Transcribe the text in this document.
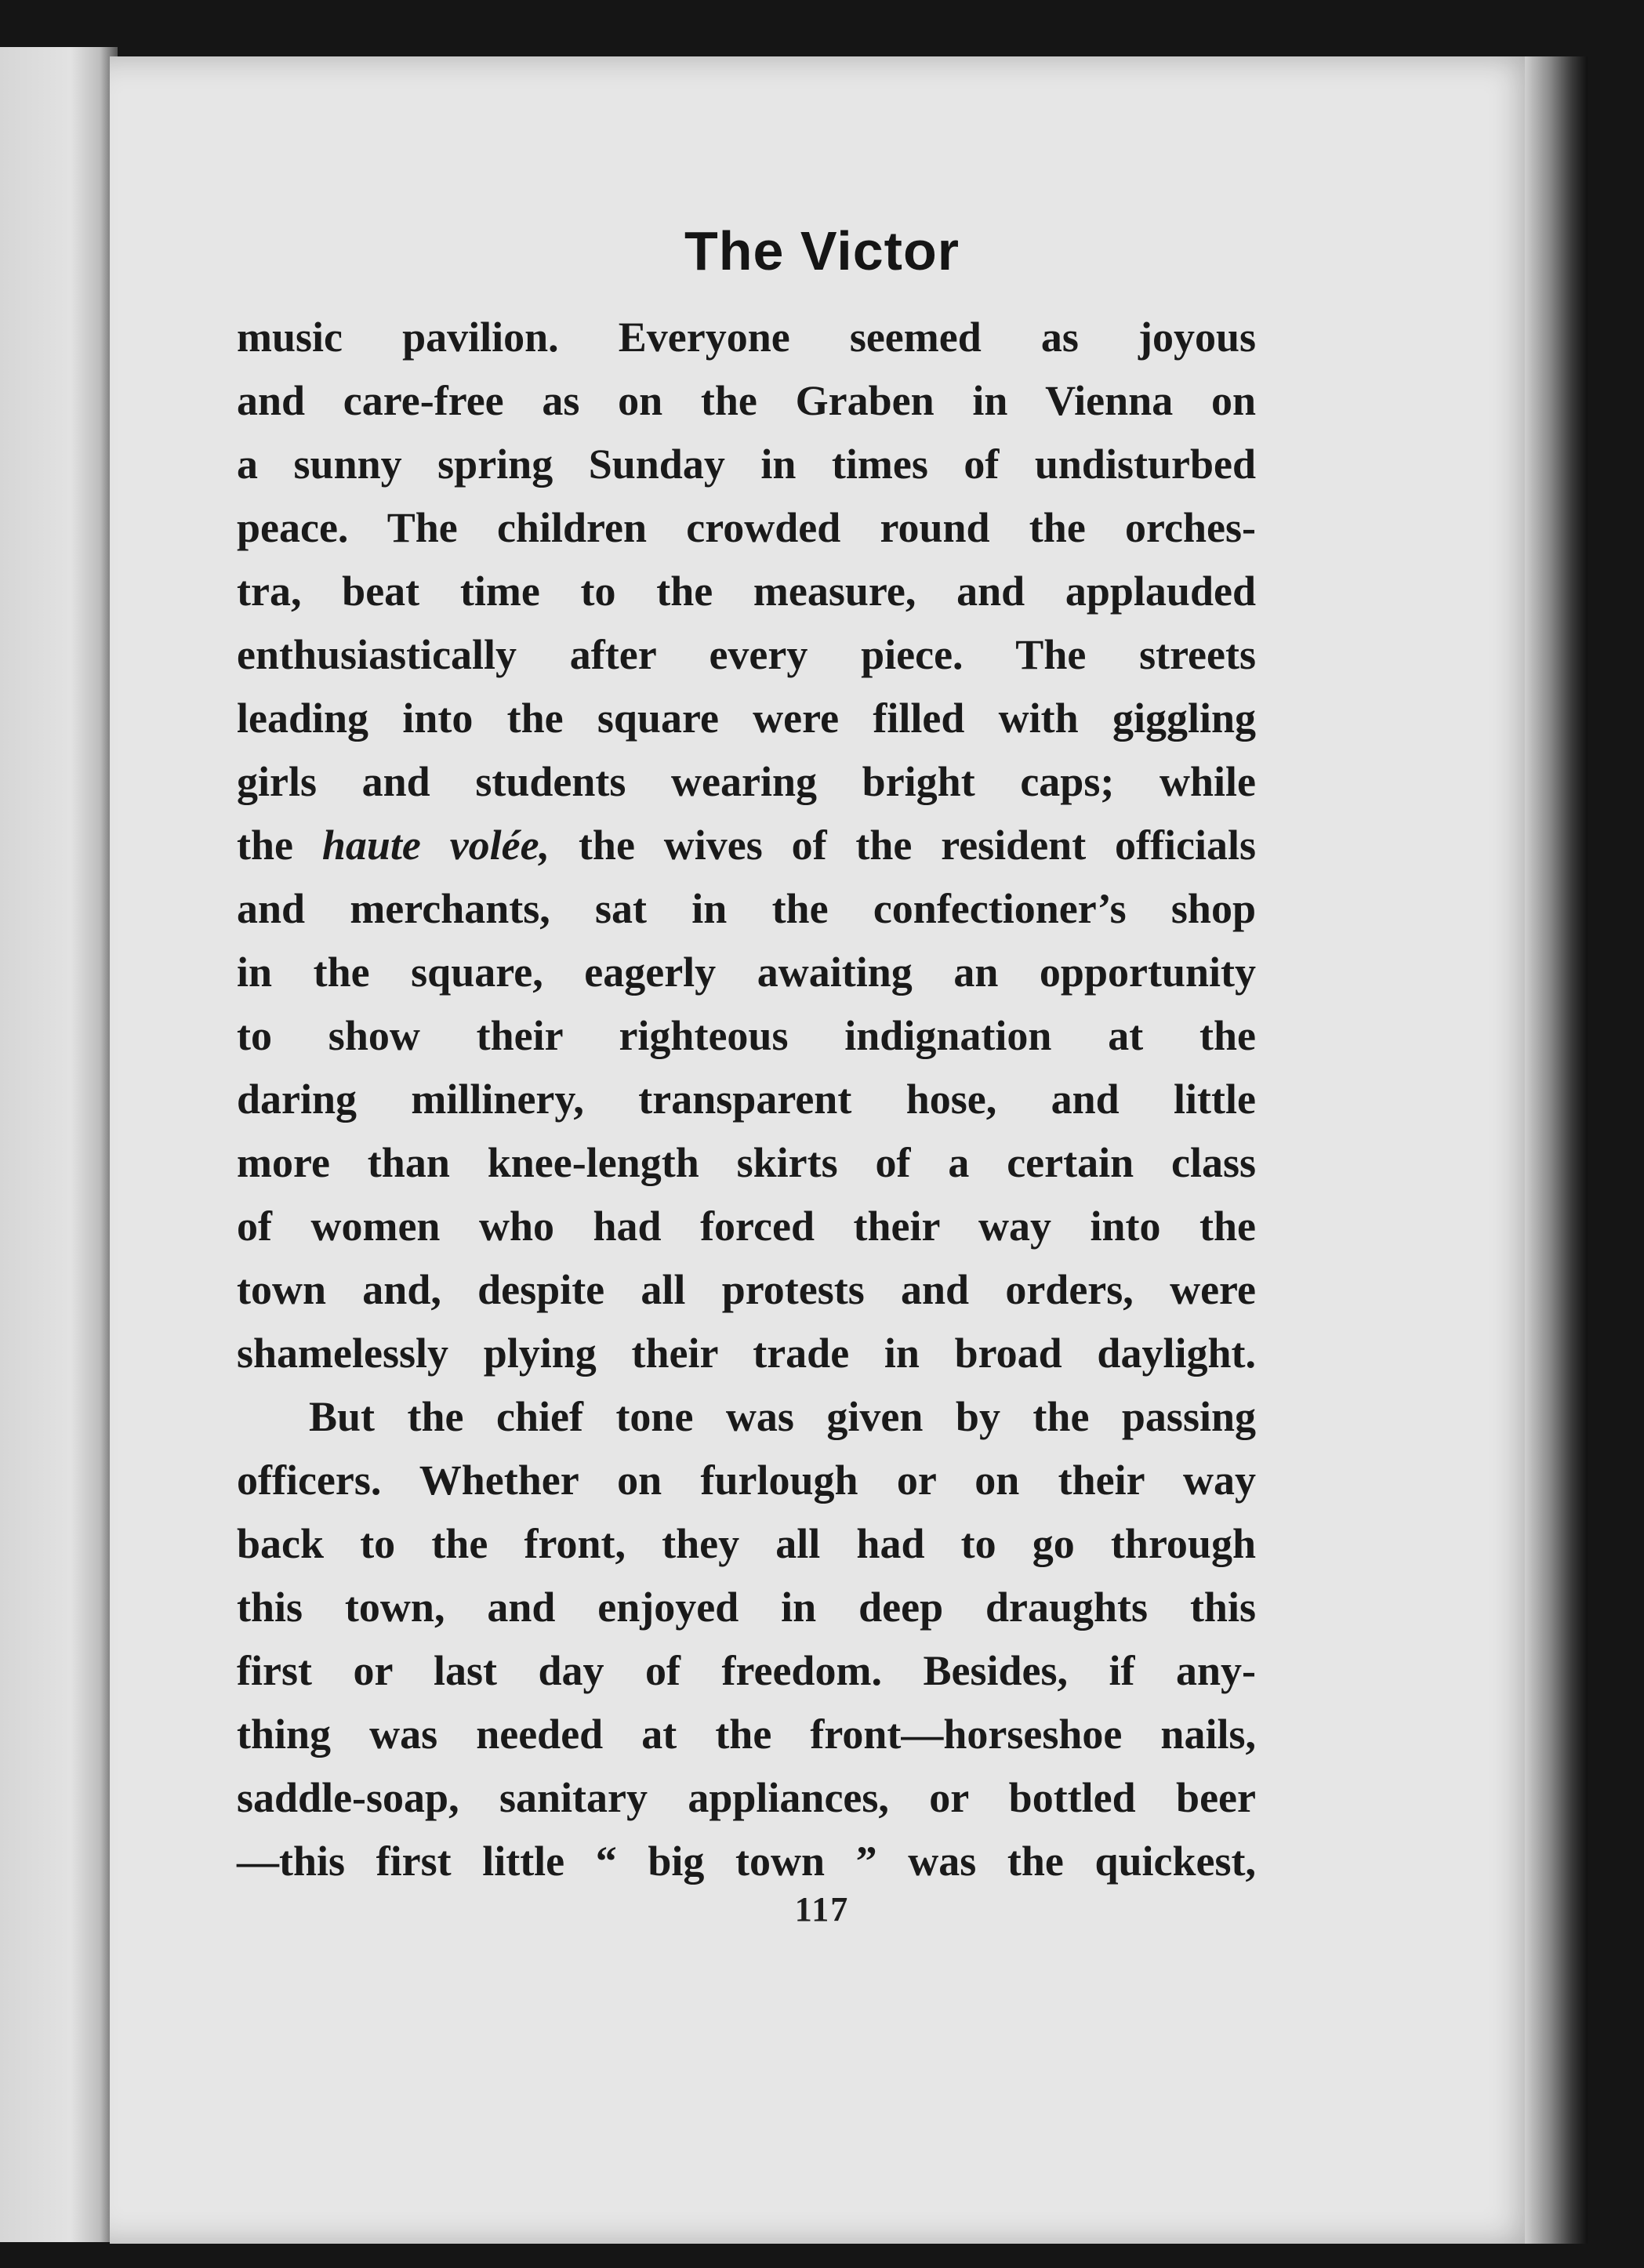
The Victor
music pavilion. Everyone seemed as joyous
and care-free as on the Graben in Vienna on
a sunny spring Sunday in times of undisturbed
peace. The children crowded round the orches-
tra, beat time to the measure, and applauded
enthusiastically after every piece. The streets
leading into the square were filled with giggling
girls and students wearing bright caps; while
the haute volée, the wives of the resident officials
and merchants, sat in the confectioner’s shop
in the square, eagerly awaiting an opportunity
to show their righteous indignation at the
daring millinery, transparent hose, and little
more than knee-length skirts of a certain class
of women who had forced their way into the
town and, despite all protests and orders, were
shamelessly plying their trade in broad daylight.
But the chief tone was given by the passing
officers. Whether on furlough or on their way
back to the front, they all had to go through
this town, and enjoyed in deep draughts this
first or last day of freedom. Besides, if any-
thing was needed at the front—horseshoe nails,
saddle-soap, sanitary appliances, or bottled beer
—this first little “ big town ” was the quickest,
117
